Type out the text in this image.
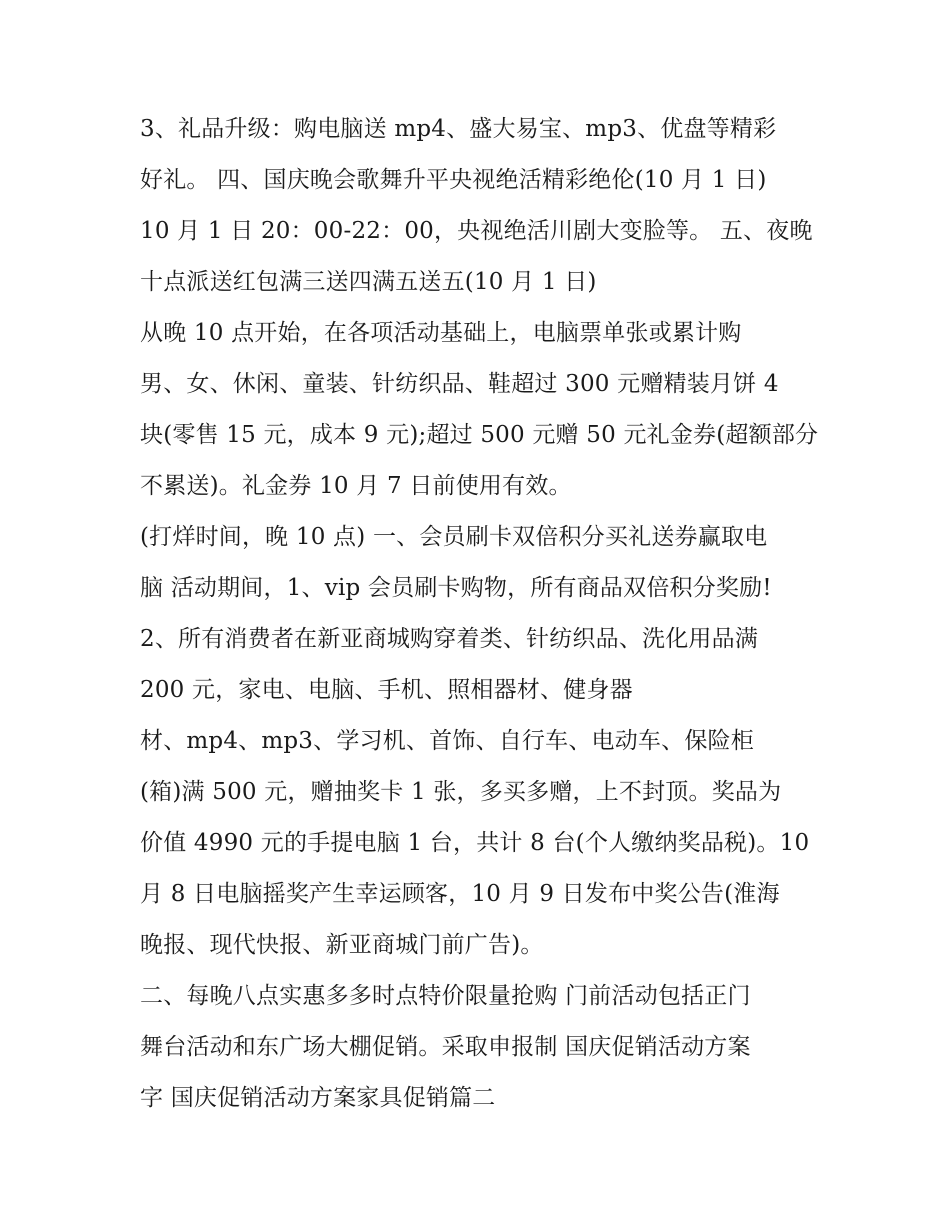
3、礼品升级：购电脑送 mp4、盛大易宝、mp3、优盘等精彩
好礼。 四、国庆晚会歌舞升平央视绝活精彩绝伦(10 月 1 日)
10 月 1 日 20：00-22：00，央视绝活川剧大变脸等。 五、夜晚
十点派送红包满三送四满五送五(10 月 1 日)
从晚 10 点开始，在各项活动基础上，电脑票单张或累计购
男、女、休闲、童装、针纺织品、鞋超过 300 元赠精装月饼 4
块(零售 15 元，成本 9 元);超过 500 元赠 50 元礼金券(超额部分
不累送)。礼金券 10 月 7 日前使用有效。
(打烊时间，晚 10 点) 一、会员刷卡双倍积分买礼送券赢取电
脑 活动期间，1、vip 会员刷卡购物，所有商品双倍积分奖励!
2、所有消费者在新亚商城购穿着类、针纺织品、洗化用品满
200 元，家电、电脑、手机、照相器材、健身器
材、mp4、mp3、学习机、首饰、自行车、电动车、保险柜
(箱)满 500 元，赠抽奖卡 1 张，多买多赠，上不封顶。奖品为
价值 4990 元的手提电脑 1 台，共计 8 台(个人缴纳奖品税)。10
月 8 日电脑摇奖产生幸运顾客，10 月 9 日发布中奖公告(淮海
晚报、现代快报、新亚商城门前广告)。
二、每晚八点实惠多多时点特价限量抢购 门前活动包括正门
舞台活动和东广场大棚促销。采取申报制 国庆促销活动方案
字 国庆促销活动方案家具促销篇二
